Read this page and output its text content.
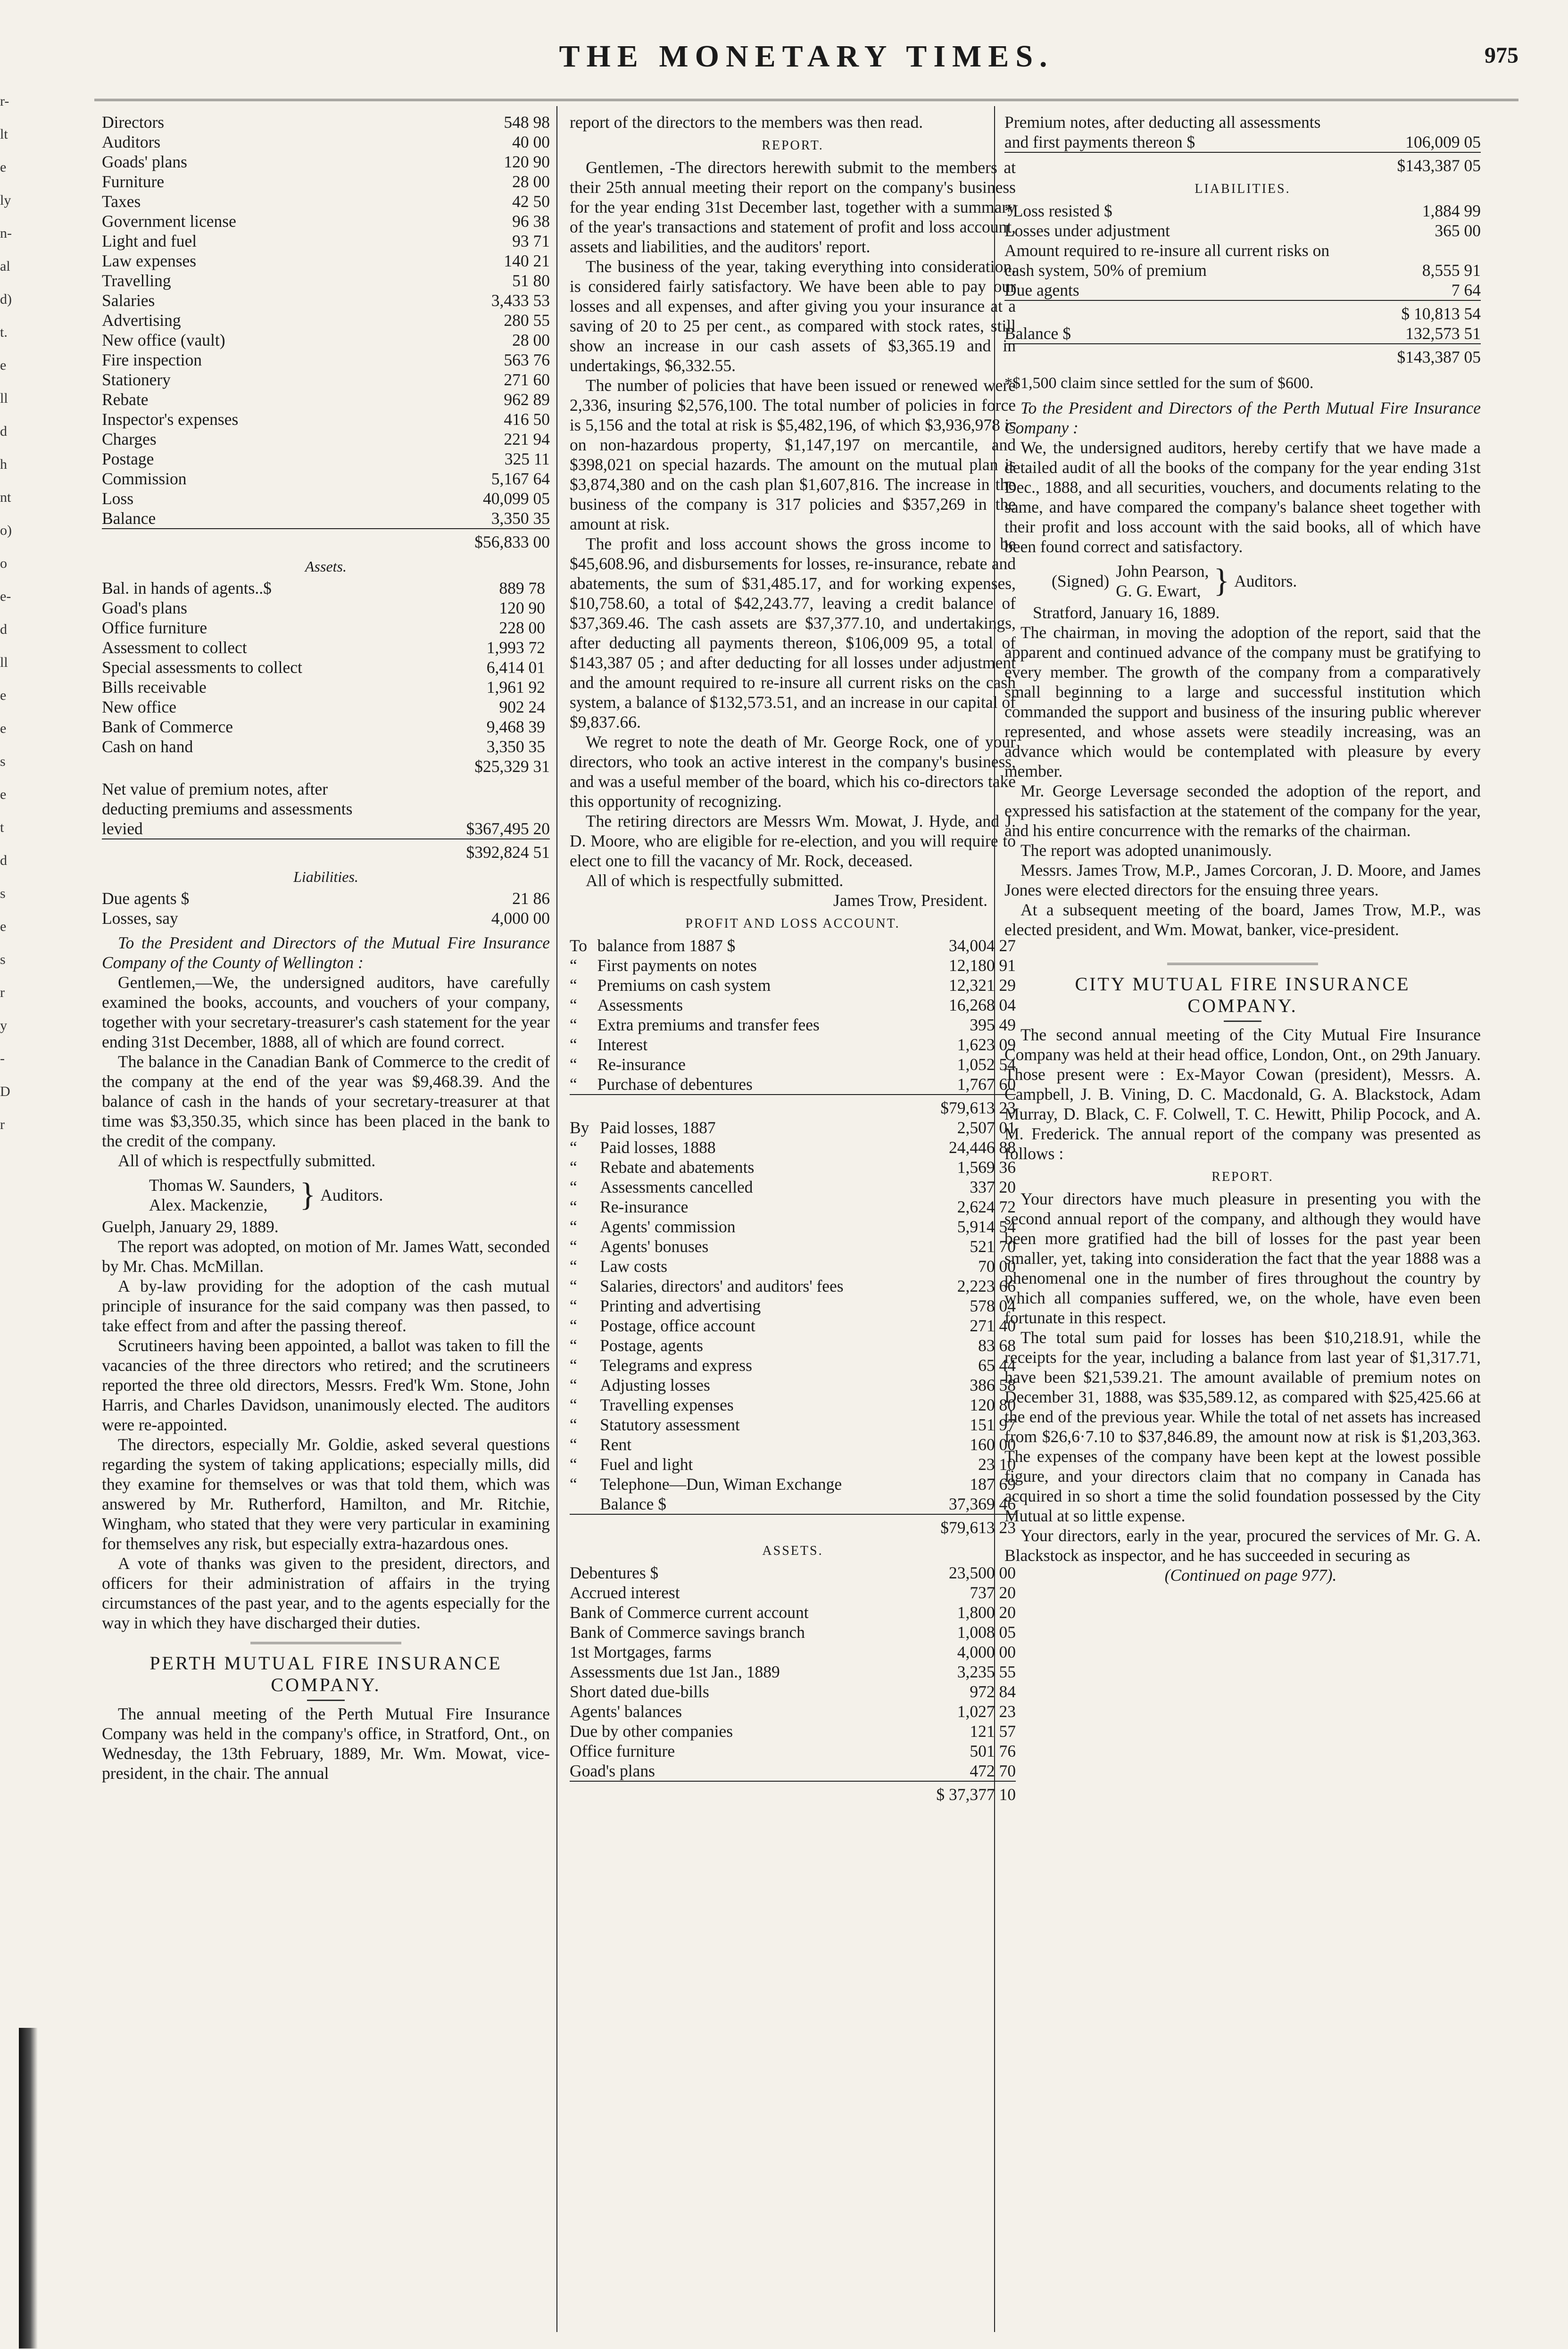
r-
lt
e
ly
n-
al
d)
t.
e
ll
d
h
nt
o)
o
e-
d
ll
e
e
s
e
t
d
s
e
s
r
y
-
D
r
THE MONETARY TIMES.	975
Directors	548 98
Auditors	40 00
Goads' plans	120 90
Furniture	28 00
Taxes	42 50
Government license	96 38
Light and fuel	93 71
Law expenses	140 21
Travelling	51 80
Salaries	3,433 53
Advertising	280 55
New office (vault)	28 00
Fire inspection	563 76
Stationery	271 60
Rebate	962 89
Inspector's expenses	416 50
Charges	221 94
Postage	325 11
Commission	5,167 64
Loss	40,099 05
Balance	3,350 35
	$56,833 00
Assets.
Bal. in hands of agents..$	889 78
Goad's plans	120 90
Office furniture	228 00
Assessment to collect	1,993 72
Special assessments to collect	6,414 01
Bills receivable	1,961 92
New office	902 24
Bank of Commerce	9,468 39
Cash on hand	3,350 35
	$25,329 31
Net value of premium notes, after deducting premiums and assessments levied	$367,495 20
	$392,824 51
Liabilities.
Due agents $	21 86
Losses, say	4,000 00

To the President and Directors of the Mutual Fire Insurance Company of the County of Wellington :

Gentlemen,—We, the undersigned auditors, have carefully examined the books, accounts, and vouchers of your company, together with your secretary-treasurer's cash statement for the year ending 31st December, 1888, all of which are found correct.

The balance in the Canadian Bank of Commerce to the credit of the company at the end of the year was $9,468.39. And the balance of cash in the hands of your secretary-treasurer at that time was $3,350.35, which since has been placed in the bank to the credit of the company.

All of which is respectfully submitted.

Thomas W. Saunders,
Alex. Mackenzie, } Auditors.

Guelph, January 29, 1889.

The report was adopted, on motion of Mr. James Watt, seconded by Mr. Chas. McMillan.

A by-law providing for the adoption of the cash mutual principle of insurance for the said company was then passed, to take effect from and after the passing thereof.

Scrutineers having been appointed, a ballot was taken to fill the vacancies of the three directors who retired; and the scrutineers reported the three old directors, Messrs. Fred'k Wm. Stone, John Harris, and Charles Davidson, unanimously elected. The auditors were re-appointed.

The directors, especially Mr. Goldie, asked several questions regarding the system of taking applications; especially mills, did they examine for themselves or was that told them, which was answered by Mr. Rutherford, Hamilton, and Mr. Ritchie, Wingham, who stated that they were very particular in examining for themselves any risk, but especially extra-hazardous ones.

A vote of thanks was given to the president, directors, and officers for their administration of affairs in the trying circumstances of the past year, and to the agents especially for the way in which they have discharged their duties.

PERTH MUTUAL FIRE INSURANCE
COMPANY.

The annual meeting of the Perth Mutual Fire Insurance Company was held in the company's office, in Stratford, Ont., on Wednesday, the 13th February, 1889, Mr. Wm. Mowat, vice-president, in the chair. The annual

report of the directors to the members was then read.

REPORT.

Gentlemen, -The directors herewith submit to the members at their 25th annual meeting their report on the company's business for the year ending 31st December last, together with a summary of the year's transactions and statement of profit and loss account, assets and liabilities, and the auditors' report.

The business of the year, taking everything into consideration, is considered fairly satisfactory. We have been able to pay our losses and all expenses, and after giving you your insurance at a saving of 20 to 25 per cent., as compared with stock rates, still show an increase in our cash assets of $3,365.19 and in undertakings, $6,332.55.

The number of policies that have been issued or renewed were 2,336, insuring $2,576,100. The total number of policies in force is 5,156 and the total at risk is $5,482,196, of which $3,936,978 is on non-hazardous property, $1,147,197 on mercantile, and $398,021 on special hazards. The amount on the mutual plan is $3,874,380 and on the cash plan $1,607,816. The increase in the business of the company is 317 policies and $357,269 in the amount at risk.

The profit and loss account shows the gross income to be $45,608.96, and disbursements for losses, re-insurance, rebate and abatements, the sum of $31,485.17, and for working expenses, $10,758.60, a total of $42,243.77, leaving a credit balance of $37,369.46. The cash assets are $37,377.10, and undertakings, after deducting all payments thereon, $106,009 95, a total of $143,387 05 ; and after deducting for all losses under adjustment and the amount required to re-insure all current risks on the cash system, a balance of $132,573.51, and an increase in our capital of $9,837.66.

We regret to note the death of Mr. George Rock, one of your directors, who took an active interest in the company's business, and was a useful member of the board, which his co-directors take this opportunity of recognizing.

The retiring directors are Messrs Wm. Mowat, J. Hyde, and J. D. Moore, who are eligible for re-election, and you will require to elect one to fill the vacancy of Mr. Rock, deceased.

All of which is respectfully submitted.

James Trow, President.

PROFIT AND LOSS ACCOUNT.
To	balance from 1887 $	34,004 27
“	First payments on notes	12,180 91
“	Premiums on cash system	12,321 29
“	Assessments	16,268 04
“	Extra premiums and transfer fees	395 49
“	Interest	1,623 09
“	Re-insurance	1,052 54
“	Purchase of debentures	1,767 60
	$79,613 23
By	Paid losses, 1887	2,507 01
“	Paid losses, 1888	24,446 88
“	Rebate and abatements	1,569 36
“	Assessments cancelled	337 20
“	Re-insurance	2,624 72
“	Agents' commission	5,914 54
“	Agents' bonuses	521 70
“	Law costs	70 00
“	Salaries, directors' and auditors' fees	2,223 66
“	Printing and advertising	578 04
“	Postage, office account	271 40
“	Postage, agents	83 68
“	Telegrams and express	65 44
“	Adjusting losses	386 58
“	Travelling expenses	120 80
“	Statutory assessment	151 97
“	Rent	160 00
“	Fuel and light	23 10
“	Telephone—Dun, Wiman Exchange	187 69
	Balance $	37,369 46
	$79,613 23
ASSETS.
Debentures $	23,500 00
Accrued interest	737 20
Bank of Commerce current account	1,800 20
Bank of Commerce savings branch	1,008 05
1st Mortgages, farms	4,000 00
Assessments due 1st Jan., 1889	3,235 55
Short dated due-bills	972 84
Agents' balances	1,027 23
Due by other companies	121 57
Office furniture	501 76
Goad's plans	472 70
	$ 37,377 10
Premium notes, after deducting all assessments and first payments thereon $	106,009 05
	$143,387 05
LIABILITIES.
*Loss resisted $	1,884 99
Losses under adjustment	365 00
Amount required to re-insure all current risks on cash system, 50% of premium	8,555 91
Due agents	7 64
	$ 10,813 54
Balance $	132,573 51
	$143,387 05

*$1,500 claim since settled for the sum of $600.

To the President and Directors of the Perth Mutual Fire Insurance Company :

We, the undersigned auditors, hereby certify that we have made a detailed audit of all the books of the company for the year ending 31st Dec., 1888, and all securities, vouchers, and documents relating to the same, and have compared the company's balance sheet together with their profit and loss account with the said books, all of which have been found correct and satisfactory.

(Signed)
John Pearson,
G. G. Ewart, } Auditors.

Stratford, January 16, 1889.

The chairman, in moving the adoption of the report, said that the apparent and continued advance of the company must be gratifying to every member. The growth of the company from a comparatively small beginning to a large and successful institution which commanded the support and business of the insuring public wherever represented, and whose assets were steadily increasing, was an advance which would be contemplated with pleasure by every member.

Mr. George Leversage seconded the adoption of the report, and expressed his satisfaction at the statement of the company for the year, and his entire concurrence with the remarks of the chairman.

The report was adopted unanimously.

Messrs. James Trow, M.P., James Corcoran, J. D. Moore, and James Jones were elected directors for the ensuing three years.

At a subsequent meeting of the board, James Trow, M.P., was elected president, and Wm. Mowat, banker, vice-president.

CITY MUTUAL FIRE INSURANCE
COMPANY.

The second annual meeting of the City Mutual Fire Insurance Company was held at their head office, London, Ont., on 29th January. Those present were : Ex-Mayor Cowan (president), Messrs. A. Campbell, J. B. Vining, D. C. Macdonald, G. A. Blackstock, Adam Murray, D. Black, C. F. Colwell, T. C. Hewitt, Philip Pocock, and A. M. Frederick. The annual report of the company was presented as follows :

REPORT.

Your directors have much pleasure in presenting you with the second annual report of the company, and although they would have been more gratified had the bill of losses for the past year been smaller, yet, taking into consideration the fact that the year 1888 was a phenomenal one in the number of fires throughout the country by which all companies suffered, we, on the whole, have even been fortunate in this respect.

The total sum paid for losses has been $10,218.91, while the receipts for the year, including a balance from last year of $1,317.71, have been $21,539.21. The amount available of premium notes on December 31, 1888, was $35,589.12, as compared with $25,425.66 at the end of the previous year. While the total of net assets has increased from $26,6·7.10 to $37,846.89, the amount now at risk is $1,203,363. The expenses of the company have been kept at the lowest possible figure, and your directors claim that no company in Canada has acquired in so short a time the solid foundation possessed by the City Mutual at so little expense.

Your directors, early in the year, procured the services of Mr. G. A. Blackstock as inspector, and he has succeeded in securing as

(Continued on page 977).
